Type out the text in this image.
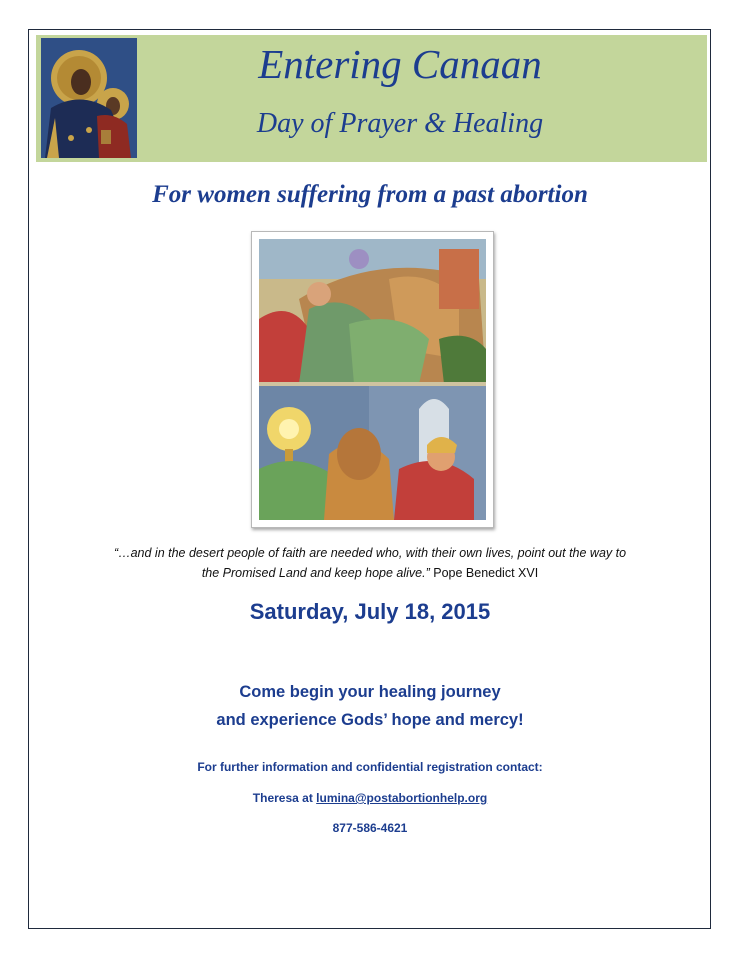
Entering Canaan
Day of Prayer & Healing
For women suffering from a past abortion
“…and in the desert people of faith are needed who, with their own lives, point out the way to
the Promised Land and keep hope alive.” Pope Benedict XVI
Saturday, July 18, 2015
Come begin your healing journey
and experience Gods’ hope and mercy!
For further information and confidential registration contact:
Theresa at lumina@postabortionhelp.org
877-586-4621
